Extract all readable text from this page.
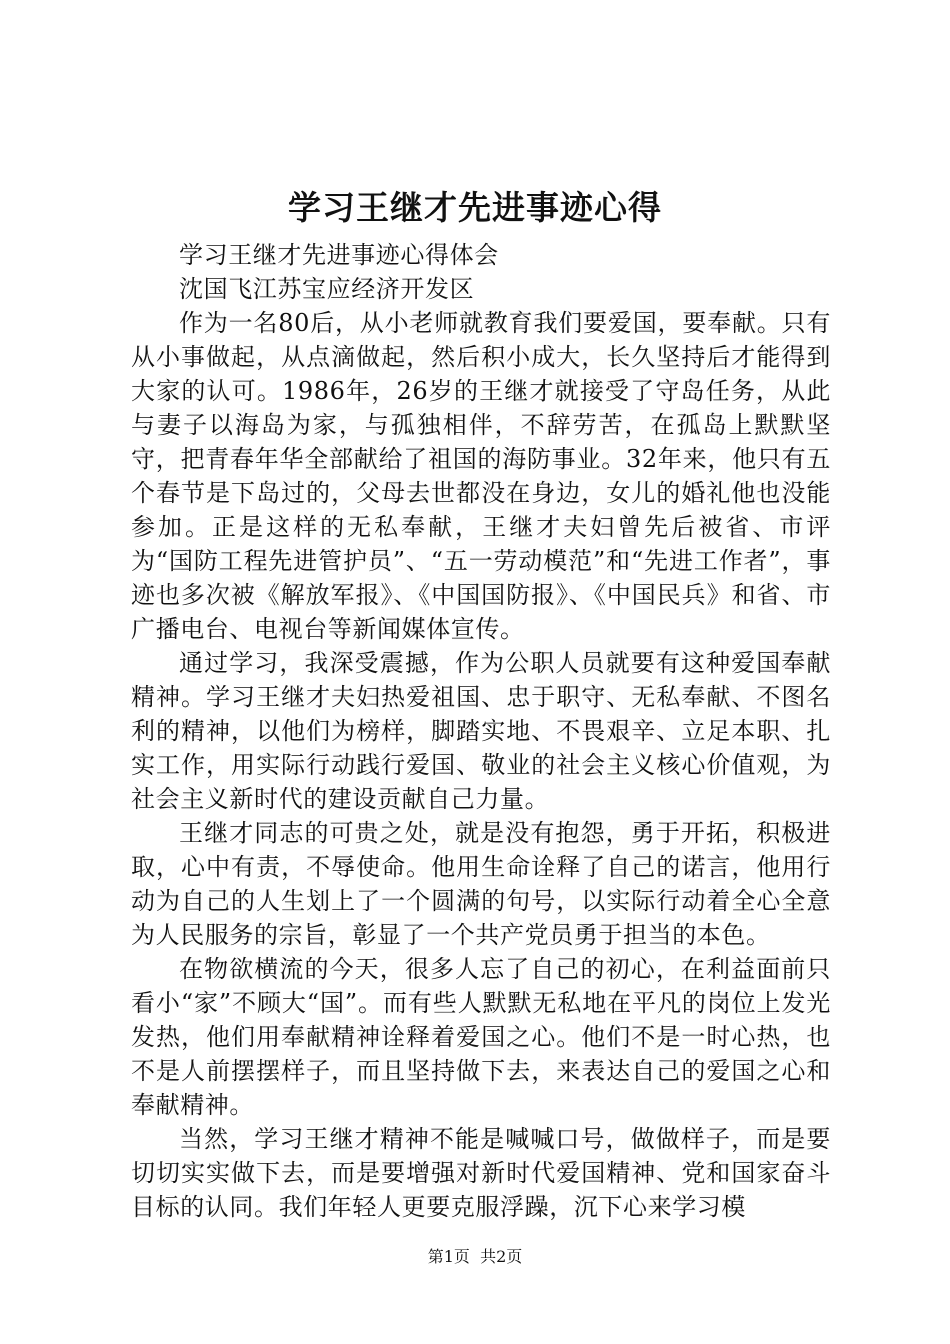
学习王继才先进事迹心得

学习王继才先进事迹心得体会

沈国飞江苏宝应经济开发区

作为一名80后，从小老师就教育我们要爱国，要奉献。只有从小事做起，从点滴做起，然后积小成大，长久坚持后才能得到大家的认可。1986年，26岁的王继才就接受了守岛任务，从此与妻子以海岛为家，与孤独相伴，不辞劳苦，在孤岛上默默坚守，把青春年华全部献给了祖国的海防事业。32年来，他只有五个春节是下岛过的，父母去世都没在身边，女儿的婚礼他也没能参加。正是这样的无私奉献，王继才夫妇曾先后被省、市评为“国防工程先进管护员”、“五一劳动模范”和“先进工作者”，事迹也多次被《解放军报》、《中国国防报》、《中国民兵》和省、市广播电台、电视台等新闻媒体宣传。

通过学习，我深受震撼，作为公职人员就要有这种爱国奉献精神。学习王继才夫妇热爱祖国、忠于职守、无私奉献、不图名利的精神，以他们为榜样，脚踏实地、不畏艰辛、立足本职、扎实工作，用实际行动践行爱国、敬业的社会主义核心价值观，为社会主义新时代的建设贡献自己力量。

王继才同志的可贵之处，就是没有抱怨，勇于开拓，积极进取，心中有责，不辱使命。他用生命诠释了自己的诺言，他用行动为自己的人生划上了一个圆满的句号，以实际行动着全心全意为人民服务的宗旨，彰显了一个共产党员勇于担当的本色。

在物欲横流的今天，很多人忘了自己的初心，在利益面前只看小“家”不顾大“国”。而有些人默默无私地在平凡的岗位上发光发热，他们用奉献精神诠释着爱国之心。他们不是一时心热，也不是人前摆摆样子，而且坚持做下去，来表达自己的爱国之心和奉献精神。

当然，学习王继才精神不能是喊喊口号，做做样子，而是要切切实实做下去，而是要增强对新时代爱国精神、党和国家奋斗目标的认同。我们年轻人更要克服浮躁，沉下心来学习模

第1页 共2页
